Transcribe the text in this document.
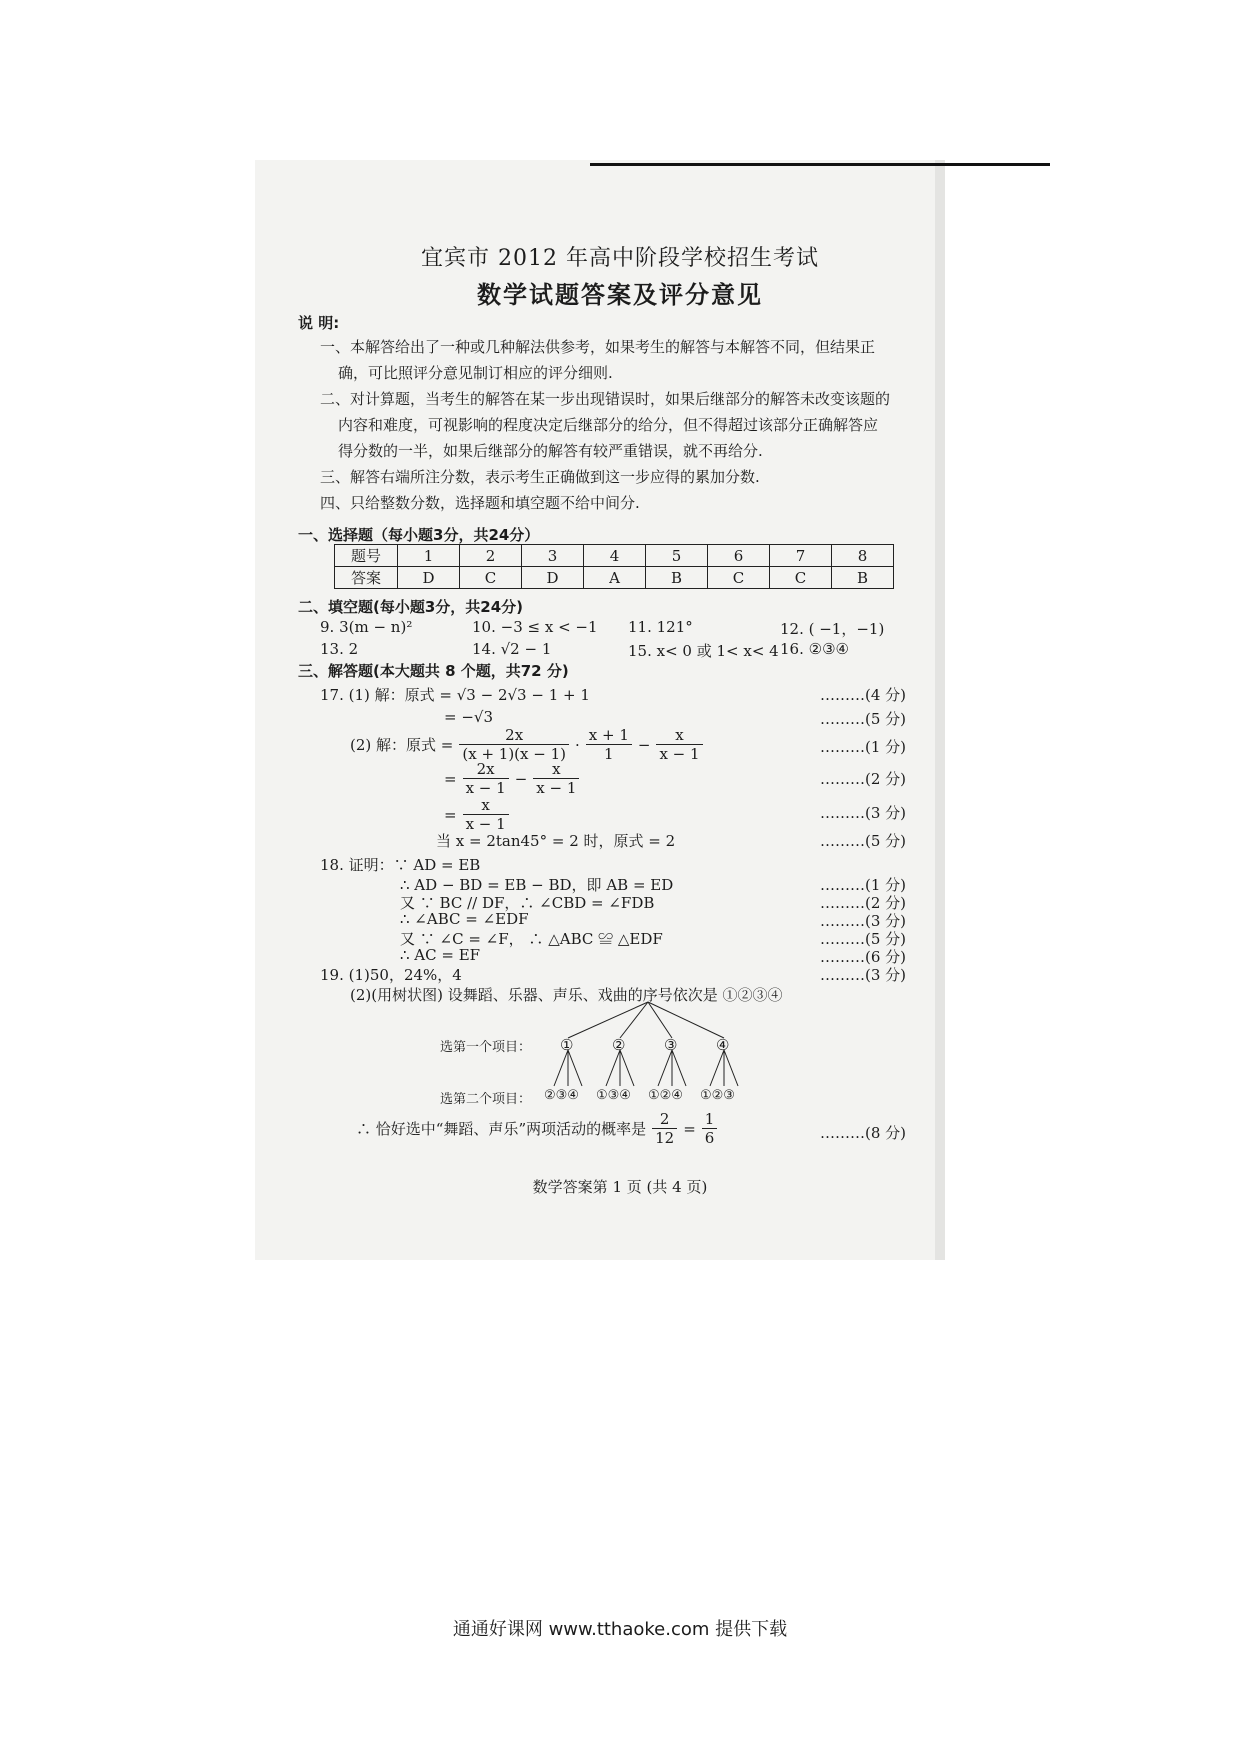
宜宾市 2012 年高中阶段学校招生考试
数学试题答案及评分意见
说 明:
一、本解答给出了一种或几种解法供参考，如果考生的解答与本解答不同，但结果正
确，可比照评分意见制订相应的评分细则.
二、对计算题，当考生的解答在某一步出现错误时，如果后继部分的解答未改变该题的
内容和难度，可视影响的程度决定后继部分的给分，但不得超过该部分正确解答应
得分数的一半，如果后继部分的解答有较严重错误，就不再给分.
三、解答右端所注分数，表示考生正确做到这一步应得的累加分数.
四、只给整数分数，选择题和填空题不给中间分.
一、选择题（每小题3分，共24分）
题号	1	2	3	4	5	6	7	8
答案	D	C	D	A	B	C	C	B
二、填空题(每小题3分，共24分)
9. 3(m − n)²	10. −3 ≤ x < −1 11. 121°	12. ( −1，−1)
13. 2	14. √2 − 1	15. x< 0 或 1< x< 4 16. ②③④
三、解答题(本大题共 8 个题，共72 分)
17. (1) 解：原式 = √3 − 2√3 − 1 + 1	………(4 分)
= −√3	………(5 分)
(2) 解：原式 = $\frac{2x}{(x + 1)(x - 1)} \cdot \frac{x + 1}{1} - \frac{x}{x - 1}$	………(1 分)
= $\frac{2x}{x - 1} - \frac{x}{x - 1}$	………(2 分)
= $\frac{x}{x - 1}$	………(3 分)
当 x = 2tan45° = 2 时，原式 = 2	………(5 分)
18. 证明：∵ AD = EB
∴ AD − BD = EB − BD，即 AB = ED	………(1 分)
又 ∵ BC // DF，∴ ∠CBD = ∠FDB	………(2 分)
∴ ∠ABC = ∠EDF	………(3 分)
又 ∵ ∠C = ∠F， ∴ △ABC ≌ △EDF	………(5 分)
∴ AC = EF	………(6 分)
19. (1)50，24%，4	………(3 分)
(2)(用树状图) 设舞蹈、乐器、声乐、戏曲的序号依次是 ①②③④
选第一个项目： ①	②	③	④
选第二个项目： ②③④ ①③④ ①②④ ①②③
∴ 恰好选中“舞蹈、声乐”两项活动的概率是 $\frac{2}{12} = \frac{1}{6}$	………(8 分)
数学答案第 1 页 (共 4 页)
通通好课网 www.tthaoke.com 提供下载
